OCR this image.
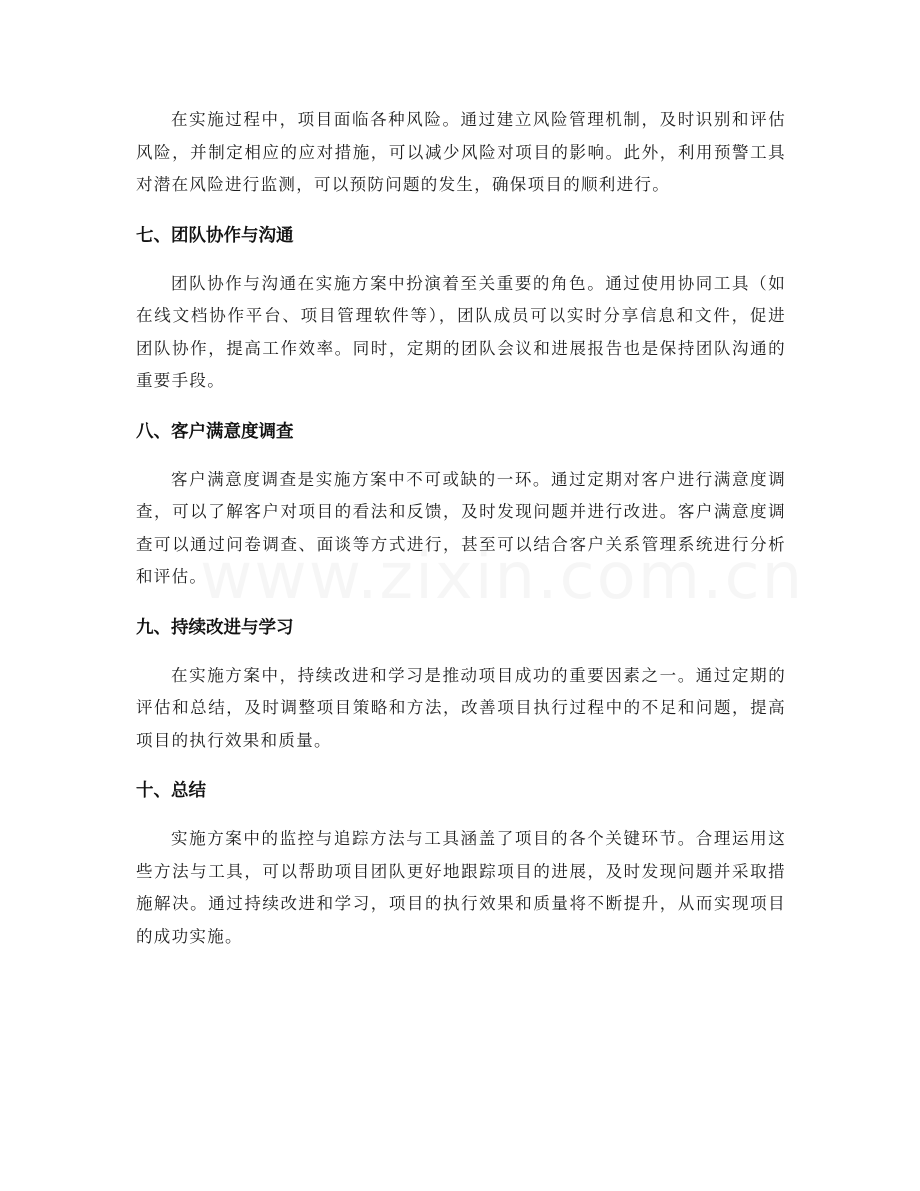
在实施过程中，项目面临各种风险。通过建立风险管理机制，及时识别和评估风险，并制定相应的应对措施，可以减少风险对项目的影响。此外，利用预警工具对潜在风险进行监测，可以预防问题的发生，确保项目的顺利进行。

七、团队协作与沟通

团队协作与沟通在实施方案中扮演着至关重要的角色。通过使用协同工具（如在线文档协作平台、项目管理软件等），团队成员可以实时分享信息和文件，促进团队协作，提高工作效率。同时，定期的团队会议和进展报告也是保持团队沟通的重要手段。

八、客户满意度调查

客户满意度调查是实施方案中不可或缺的一环。通过定期对客户进行满意度调查，可以了解客户对项目的看法和反馈，及时发现问题并进行改进。客户满意度调查可以通过问卷调查、面谈等方式进行，甚至可以结合客户关系管理系统进行分析和评估。

九、持续改进与学习

在实施方案中，持续改进和学习是推动项目成功的重要因素之一。通过定期的评估和总结，及时调整项目策略和方法，改善项目执行过程中的不足和问题，提高项目的执行效果和质量。

十、总结

实施方案中的监控与追踪方法与工具涵盖了项目的各个关键环节。合理运用这些方法与工具，可以帮助项目团队更好地跟踪项目的进展，及时发现问题并采取措施解决。通过持续改进和学习，项目的执行效果和质量将不断提升，从而实现项目的成功实施。
